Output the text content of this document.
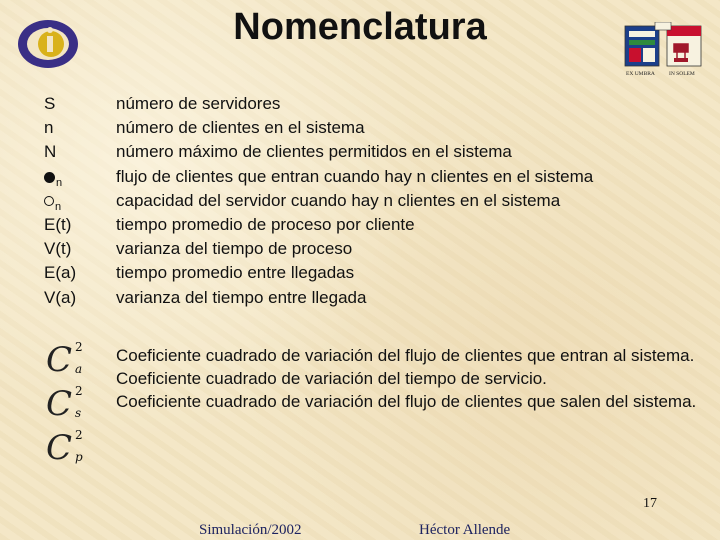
Nomenclatura
EX UMBRA	IN SOLEM
S
n
N
$_n$
$_n$
E(t)
V(t)
E(a)
V(a)
número de servidores
número de clientes en el sistema
número máximo de clientes permitidos en el sistema
flujo de clientes que entran cuando hay n clientes en el sistema
capacidad del servidor cuando hay n clientes en el sistema
tiempo promedio de proceso por cliente
varianza del tiempo de proceso
tiempo promedio entre llegadas
varianza del tiempo entre llegada
C 2
a
C 2
s
C 2
p
Coeficiente cuadrado de variación del flujo de clientes que entran al sistema.
Coeficiente cuadrado de variación del tiempo de servicio.
Coeficiente cuadrado de variación del flujo de clientes que salen del sistema.
17
Simulación/2002	Héctor Allende
